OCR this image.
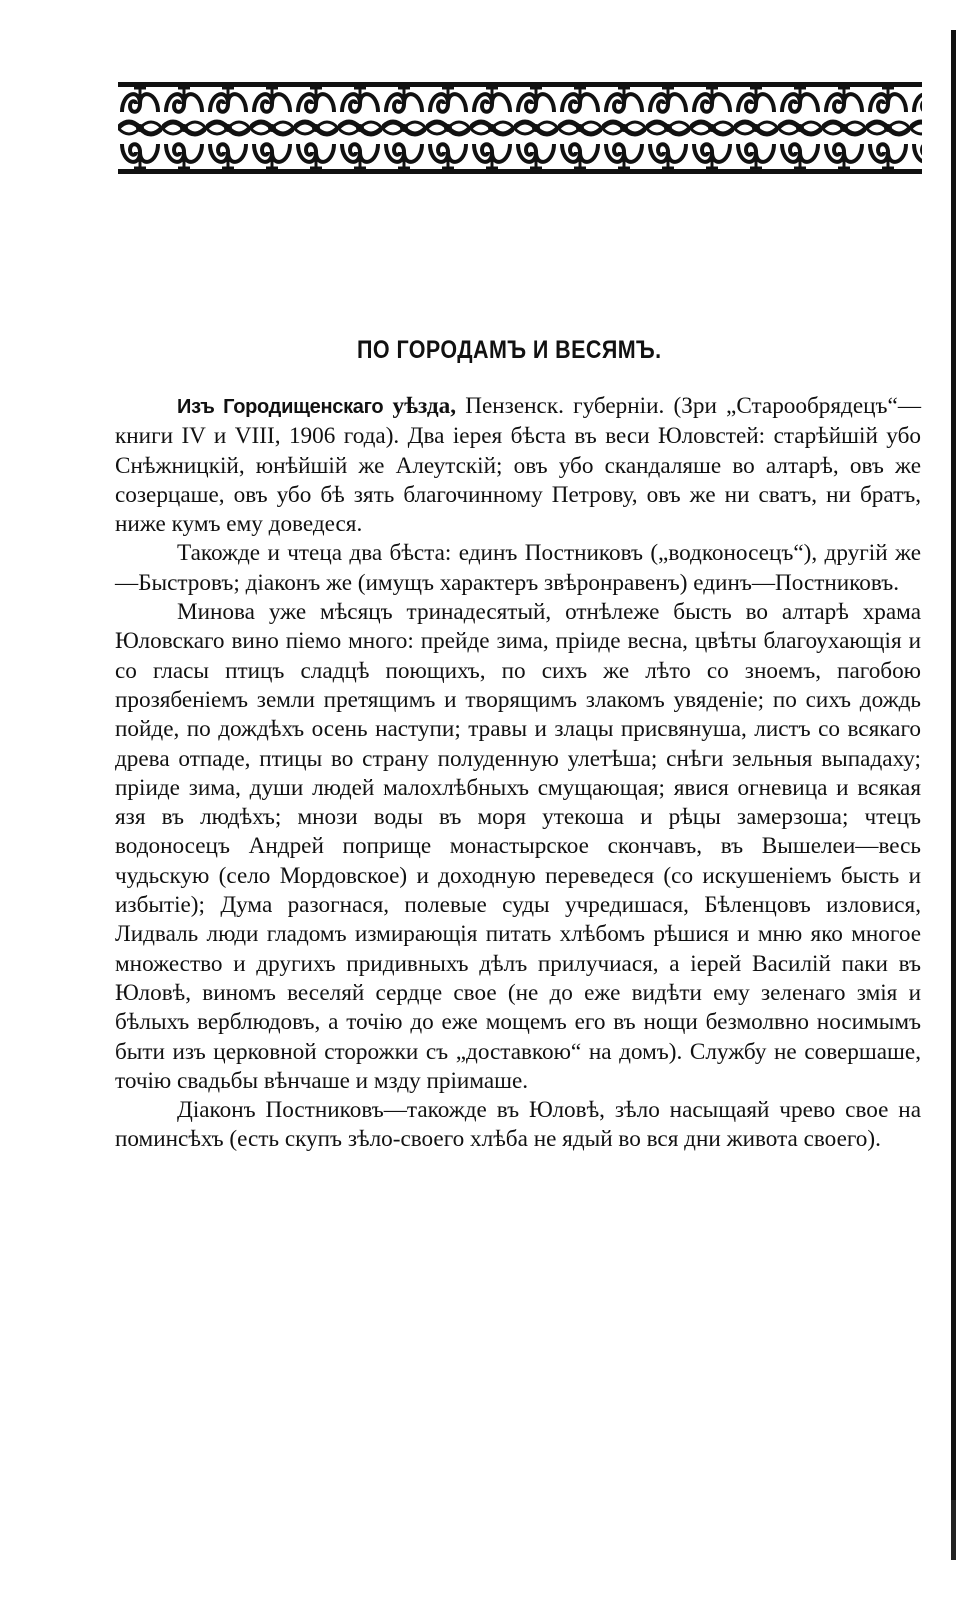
ПО ГОРОДАМЪ И ВЕСЯМЪ.

Изъ Городищенскаго уѣзда, Пензенск. губерніи. (Зри „Старообрядецъ“—книги IV и VIII, 1906 года). Два іерея бѣста въ веси Юловстей: старѣйшій убо Снѣжницкій, юнѣйшій же Алеутскій; овъ убо скандаляше во алтарѣ, овъ же созерцаше, овъ убо бѣ зять благочинному Петрову, овъ же ни сватъ, ни братъ, ниже кумъ ему доведеся.

Такожде и чтеца два бѣста: единъ Постниковъ („водконосецъ“), другій же—Быстровъ; діаконъ же (имущъ характеръ звѣронравенъ) единъ—Постниковъ.

Минова уже мѣсяцъ тринадесятый, отнѣлеже бысть во алтарѣ храма Юловскаго вино піемо много: прейде зима, пріиде весна, цвѣты благоухающія и со гласы птицъ сладцѣ поющихъ, по сихъ же лѣто со зноемъ, пагобою прозябеніемъ земли претящимъ и творящимъ злакомъ увяденіе; по сихъ дождь пойде, по дождѣхъ осень наступи; травы и злацы присвянуша, листъ со всякаго древа отпаде, птицы во страну полуденную улетѣша; снѣги зельныя выпадаху; пріиде зима, души людей малохлѣбныхъ смущающая; явися огневица и всякая язя въ людѣхъ; мнози воды въ моря утекоша и рѣцы замерзоша; чтецъ водоносецъ Андрей поприще монастырское скончавъ, въ Вышелеи—весь чудьскую (село Мордовское) и доходную переведеся (со искушеніемъ бысть и избытіе); Дума разогнася, полевые суды учредишася, Бѣленцовъ изловися, Лидваль люди гладомъ измирающія питать хлѣбомъ рѣшися и мню яко многое множество и другихъ придивныхъ дѣлъ прилучиася, а іерей Василій паки въ Юловѣ, виномъ веселяй сердце свое (не до еже видѣти ему зеленаго змія и бѣлыхъ верблюдовъ, а точію до еже мощемъ его въ нощи безмолвно носимымъ быти изъ церковной сторожки съ „доставкою“ на домъ). Службу не совершаше, точію свадьбы вѣнчаше и мзду пріимаше.

Діаконъ Постниковъ—такожде въ Юловѣ, зѣло насыщаяй чрево свое на поминсѣхъ (есть скупъ зѣло-своего хлѣба не ядый во вся дни живота своего).
